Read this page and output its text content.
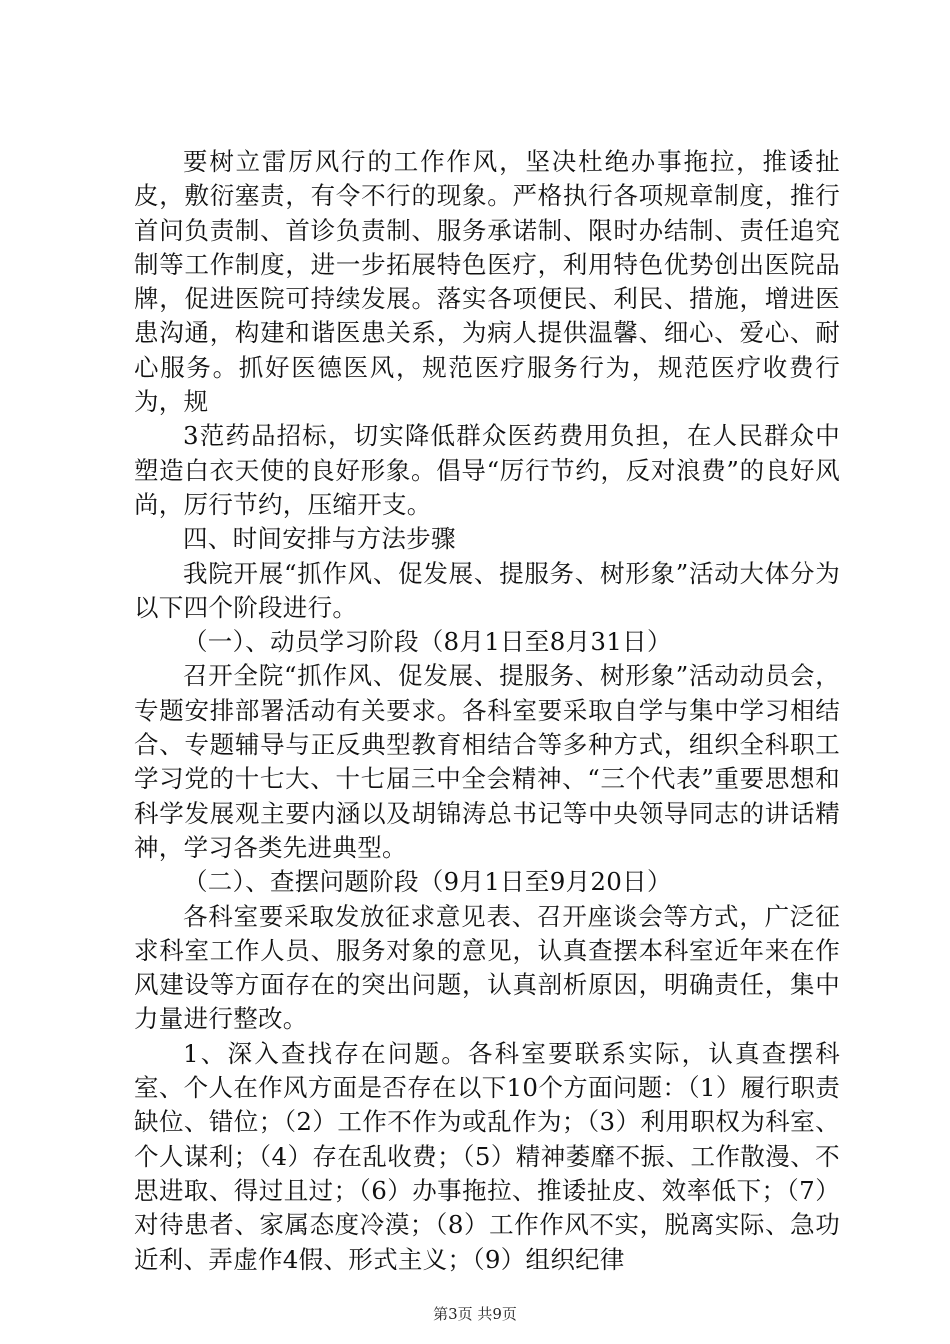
要树立雷厉风行的工作作风，坚决杜绝办事拖拉，推诿扯皮，敷衍塞责，有令不行的现象。严格执行各项规章制度，推行首问负责制、首诊负责制、服务承诺制、限时办结制、责任追究制等工作制度，进一步拓展特色医疗，利用特色优势创出医院品牌，促进医院可持续发展。落实各项便民、利民、措施，增进医患沟通，构建和谐医患关系，为病人提供温馨、细心、爱心、耐心服务。抓好医德医风，规范医疗服务行为，规范医疗收费行为，规

3范药品招标，切实降低群众医药费用负担，在人民群众中塑造白衣天使的良好形象。倡导“厉行节约，反对浪费”的良好风尚，厉行节约，压缩开支。

四、时间安排与方法步骤

我院开展“抓作风、促发展、提服务、树形象”活动大体分为以下四个阶段进行。

（一）、动员学习阶段（8月1日至8月31日）

召开全院“抓作风、促发展、提服务、树形象”活动动员会，专题安排部署活动有关要求。各科室要采取自学与集中学习相结合、专题辅导与正反典型教育相结合等多种方式，组织全科职工学习党的十七大、十七届三中全会精神、“三个代表”重要思想和科学发展观主要内涵以及胡锦涛总书记等中央领导同志的讲话精神，学习各类先进典型。

（二）、查摆问题阶段（9月1日至9月20日）

各科室要采取发放征求意见表、召开座谈会等方式，广泛征求科室工作人员、服务对象的意见，认真查摆本科室近年来在作风建设等方面存在的突出问题，认真剖析原因，明确责任，集中力量进行整改。

1、深入查找存在问题。各科室要联系实际，认真查摆科室、个人在作风方面是否存在以下10个方面问题：（1）履行职责缺位、错位；（2）工作不作为或乱作为；（3）利用职权为科室、个人谋利；（4）存在乱收费；（5）精神萎靡不振、工作散漫、不思进取、得过且过；（6）办事拖拉、推诿扯皮、效率低下；（7）对待患者、家属态度冷漠；（8）工作作风不实，脱离实际、急功近利、弄虚作4假、形式主义；（9）组织纪律

第3页 共9页
